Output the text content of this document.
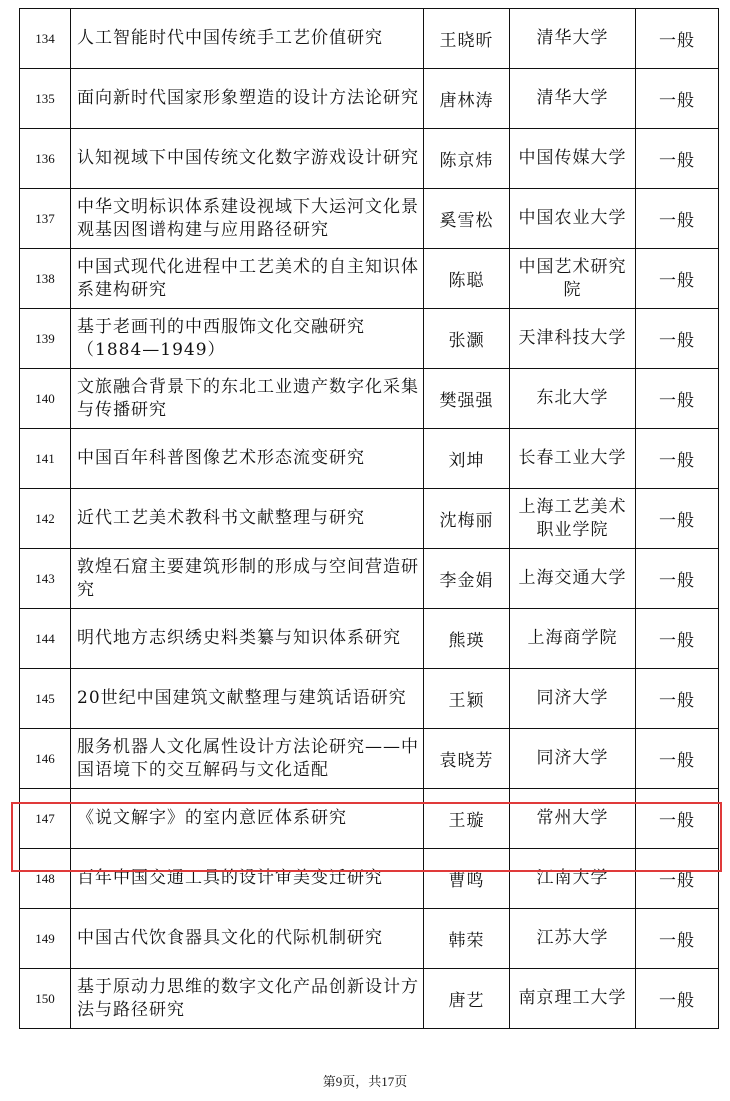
134	人工智能时代中国传统手工艺价值研究	王晓昕	清华大学	一般
135	面向新时代国家形象塑造的设计方法论研究	唐林涛	清华大学	一般
136	认知视域下中国传统文化数字游戏设计研究	陈京炜	中国传媒大学	一般
137	中华文明标识体系建设视域下大运河文化景观基因图谱构建与应用路径研究	奚雪松	中国农业大学	一般
138	中国式现代化进程中工艺美术的自主知识体系建构研究	陈聪	中国艺术研究院	一般
139	基于老画刊的中西服饰文化交融研究（1884—1949）	张灏	天津科技大学	一般
140	文旅融合背景下的东北工业遗产数字化采集与传播研究	樊强强	东北大学	一般
141	中国百年科普图像艺术形态流变研究	刘坤	长春工业大学	一般
142	近代工艺美术教科书文献整理与研究	沈梅丽	上海工艺美术职业学院	一般
143	敦煌石窟主要建筑形制的形成与空间营造研究	李金娟	上海交通大学	一般
144	明代地方志织绣史料类纂与知识体系研究	熊瑛	上海商学院	一般
145	20世纪中国建筑文献整理与建筑话语研究	王颖	同济大学	一般
146	服务机器人文化属性设计方法论研究——中国语境下的交互解码与文化适配	袁晓芳	同济大学	一般
147	《说文解字》的室内意匠体系研究	王璇	常州大学	一般
148	百年中国交通工具的设计审美变迁研究	曹鸣	江南大学	一般
149	中国古代饮食器具文化的代际机制研究	韩荣	江苏大学	一般
150	基于原动力思维的数字文化产品创新设计方法与路径研究	唐艺	南京理工大学	一般
第9页，共17页
